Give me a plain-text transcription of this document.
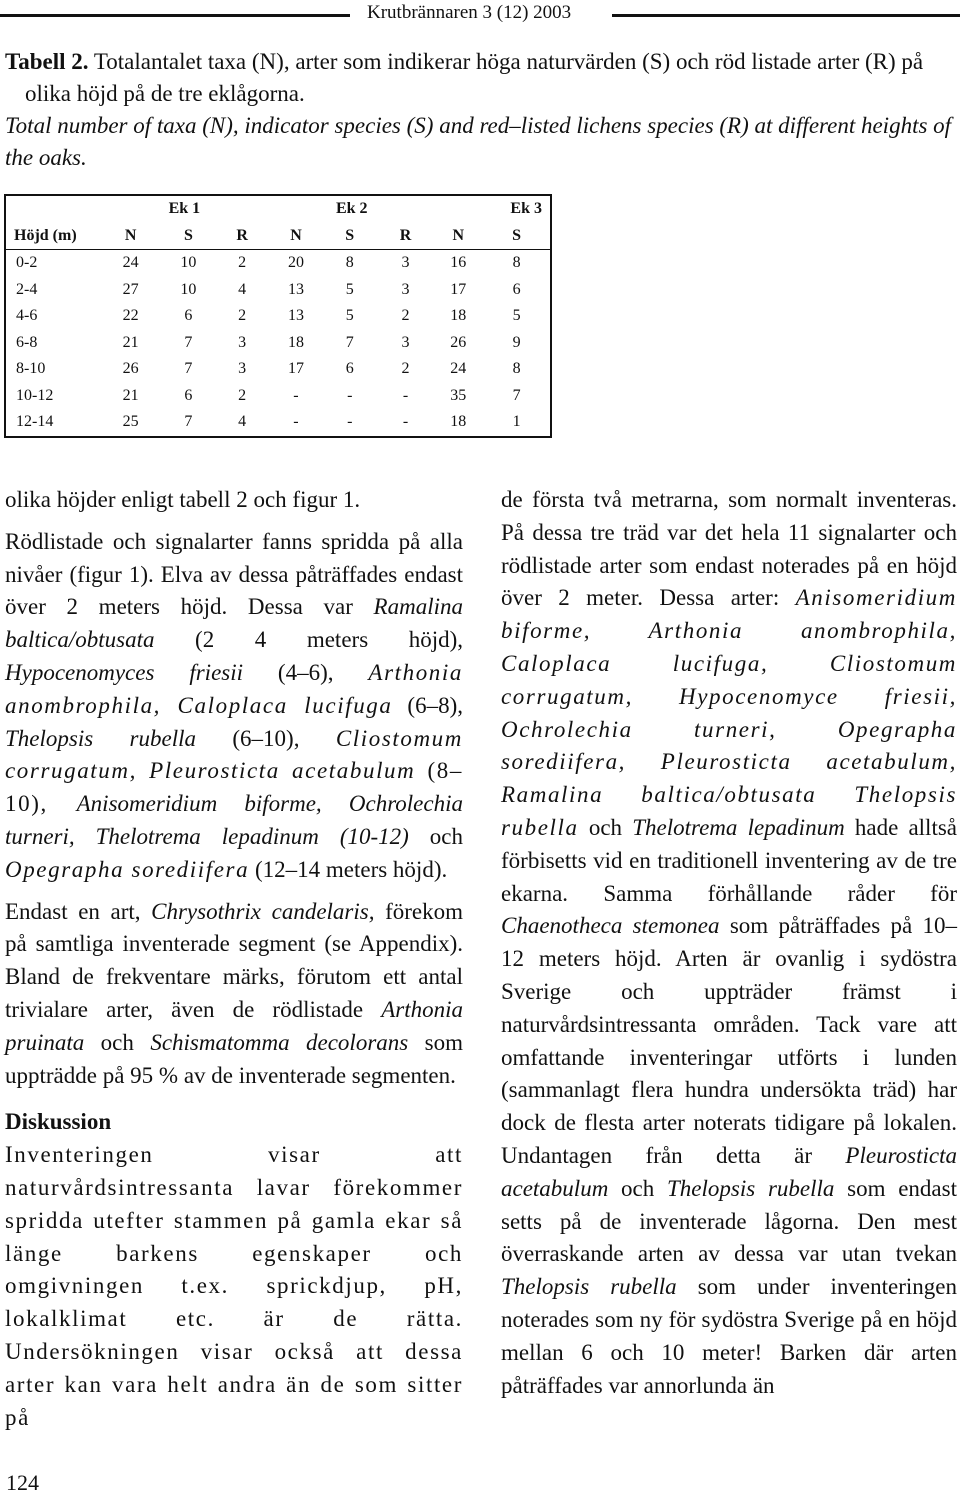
Krutbrännaren 3 (12) 2003

Tabell 2. Totalantalet taxa (N), arter som indikerar höga naturvärden (S) och röd listade arter (R) på olika höjd på de tre eklågorna.

Total number of taxa (N), indicator species (S) and red–listed lichens species (R) at different heights of the oaks.

	Ek 1			Ek 2			Ek 3	
Höjd (m)	N	S	R	N	S	R	N	S
0-2	24	10	2	20	8	3	16	8
2-4	27	10	4	13	5	3	17	6
4-6	22	6	2	13	5	2	18	5
6-8	21	7	3	18	7	3	26	9
8-10	26	7	3	17	6	2	24	8
10-12	21	6	2	-	-	-	35	7
12-14	25	7	4	-	-	-	18	1

olika höjder enligt tabell 2 och figur 1.

Rödlistade och signalarter fanns spridda på alla nivåer (figur 1). Elva av dessa påträffades endast över 2 meters höjd. Dessa var Ramalina baltica/obtusata (2 4 meters höjd), Hypocenomyces friesii (4–6), Arthonia anombrophila, Caloplaca lucifuga (6–8), Thelopsis rubella (6–10), Cliostomum corrugatum, Pleurosticta acetabulum (8–10), Anisomeridium biforme, Ochrolechia turneri, Thelotrema lepadinum (10-12) och Opegrapha sorediifera (12–14 meters höjd).

Endast en art, Chrysothrix candelaris, förekom på samtliga inventerade segment (se Appendix). Bland de frekventare märks, förutom ett antal trivialare arter, även de rödlistade Arthonia pruinata och Schismatomma decolorans som uppträdde på 95 % av de inventerade segmenten.

Diskussion

Inventeringen visar att naturvårdsintressanta lavar förekommer spridda utefter stammen på gamla ekar så länge barkens egenskaper och omgivningen t.ex. sprickdjup, pH, lokalklimat etc. är de rätta. Undersökningen visar också att dessa arter kan vara helt andra än de som sitter på

de första två metrarna, som normalt inventeras. På dessa tre träd var det hela 11 signalarter och rödlistade arter som endast noterades på en höjd över 2 meter. Dessa arter: Anisomeridium biforme, Arthonia anombrophila, Caloplaca lucifuga, Cliostomum corrugatum, Hypocenomyce friesii, Ochrolechia turneri, Opegrapha sorediifera, Pleurosticta acetabulum, Ramalina baltica/obtusata Thelopsis rubella och Thelotrema lepadinum hade alltså förbisetts vid en traditionell inventering av de tre ekarna. Samma förhållande råder för Chaenotheca stemonea som påträffades på 10–12 meters höjd. Arten är ovanlig i sydöstra Sverige och uppträder främst i naturvårdsintressanta områden. Tack vare att omfattande inventeringar utförts i lunden (sammanlagt flera hundra undersökta träd) har dock de flesta arter noterats tidigare på lokalen. Undantagen från detta är Pleurosticta acetabulum och Thelopsis rubella som endast setts på de inventerade lågorna. Den mest överraskande arten av dessa var utan tvekan Thelopsis rubella som under inventeringen noterades som ny för sydöstra Sverige på en höjd mellan 6 och 10 meter! Barken där arten påträffades var annorlunda än

124
